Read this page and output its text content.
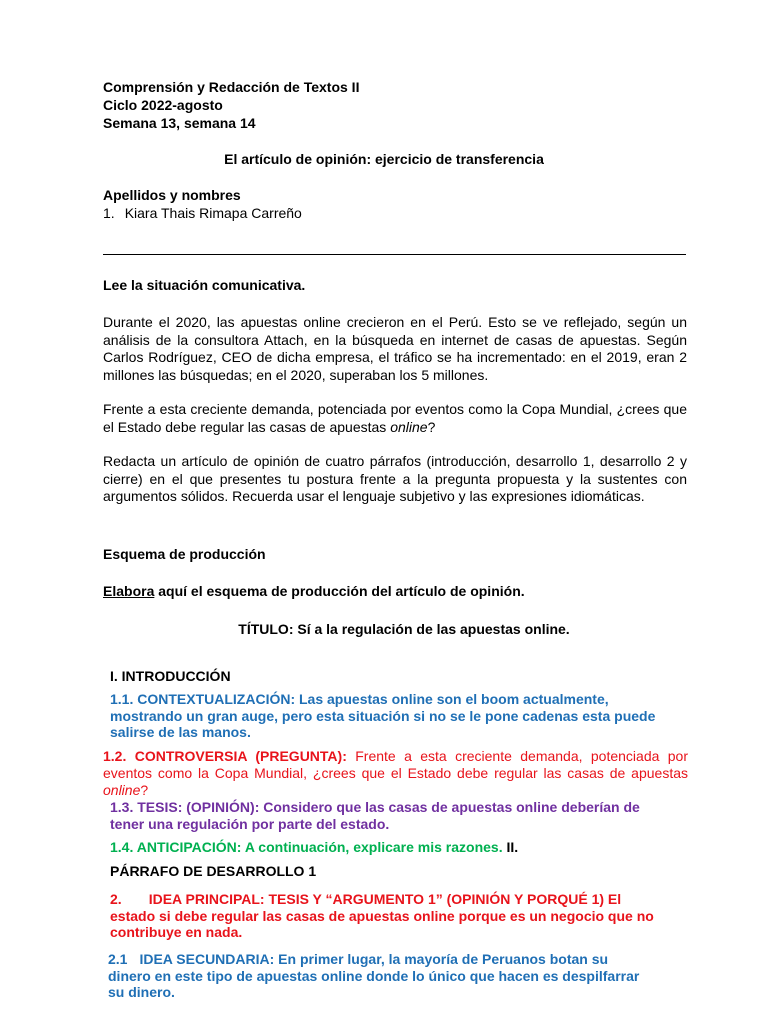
Comprensión y Redacción de Textos II
Ciclo 2022-agosto
Semana 13, semana 14
El artículo de opinión: ejercicio de transferencia
Apellidos y nombres
1. Kiara Thais Rimapa Carreño
Lee la situación comunicativa.
Durante el 2020, las apuestas online crecieron en el Perú. Esto se ve reflejado, según un análisis de la consultora Attach, en la búsqueda en internet de casas de apuestas. Según Carlos Rodríguez, CEO de dicha empresa, el tráfico se ha incrementado: en el 2019, eran 2 millones las búsquedas; en el 2020, superaban los 5 millones.
Frente a esta creciente demanda, potenciada por eventos como la Copa Mundial, ¿crees que el Estado debe regular las casas de apuestas online?
Redacta un artículo de opinión de cuatro párrafos (introducción, desarrollo 1, desarrollo 2 y cierre) en el que presentes tu postura frente a la pregunta propuesta y la sustentes con argumentos sólidos. Recuerda usar el lenguaje subjetivo y las expresiones idiomáticas.
Esquema de producción
Elabora aquí el esquema de producción del artículo de opinión.
TÍTULO: Sí a la regulación de las apuestas online.
I. INTRODUCCIÓN
1.1. CONTEXTUALIZACIÓN: Las apuestas online son el boom actualmente, mostrando un gran auge, pero esta situación si no se le pone cadenas esta puede salirse de las manos.
1.2. CONTROVERSIA (PREGUNTA): Frente a esta creciente demanda, potenciada por eventos como la Copa Mundial, ¿crees que el Estado debe regular las casas de apuestas online?
1.3. TESIS: (OPINIÓN): Considero que las casas de apuestas online deberían de tener una regulación por parte del estado.
1.4. ANTICIPACIÓN: A continuación, explicare mis razones. II.
PÁRRAFO DE DESARROLLO 1
2. IDEA PRINCIPAL: TESIS Y “ARGUMENTO 1” (OPINIÓN Y PORQUÉ 1) El estado si debe regular las casas de apuestas online porque es un negocio que no contribuye en nada.
2.1 IDEA SECUNDARIA: En primer lugar, la mayoría de Peruanos botan su dinero en este tipo de apuestas online donde lo único que hacen es despilfarrar su dinero.
